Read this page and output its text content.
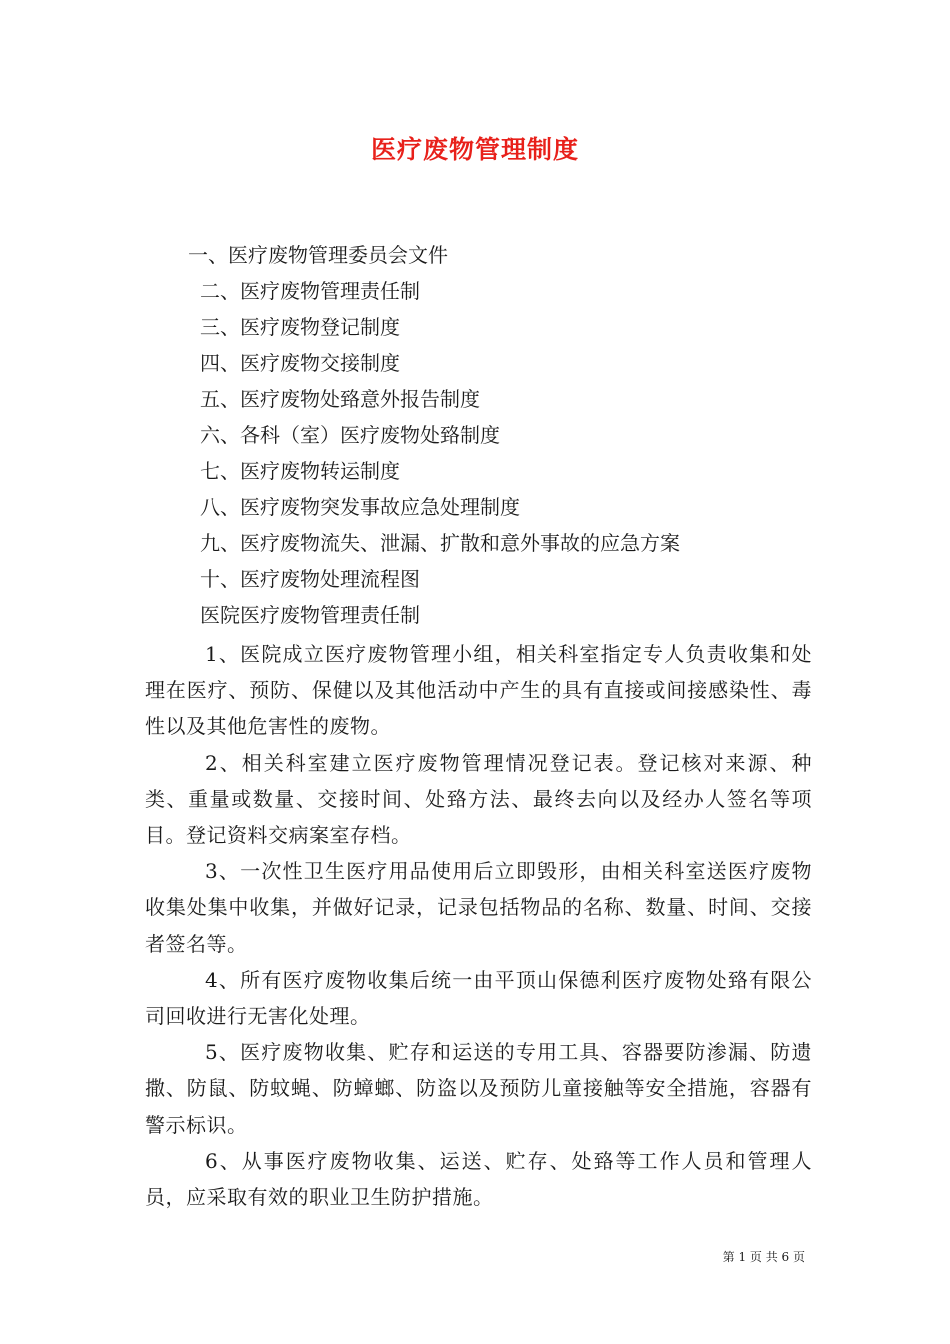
医疗废物管理制度
一、医疗废物管理委员会文件
二、医疗废物管理责任制
三、医疗废物登记制度
四、医疗废物交接制度
五、医疗废物处臵意外报告制度
六、各科（室）医疗废物处臵制度
七、医疗废物转运制度
八、医疗废物突发事故应急处理制度
九、医疗废物流失、泄漏、扩散和意外事故的应急方案
十、医疗废物处理流程图
医院医疗废物管理责任制

1、医院成立医疗废物管理小组，相关科室指定专人负责收集和处理在医疗、预防、保健以及其他活动中产生的具有直接或间接感染性、毒性以及其他危害性的废物。

2、相关科室建立医疗废物管理情况登记表。登记核对来源、种类、重量或数量、交接时间、处臵方法、最终去向以及经办人签名等项目。登记资料交病案室存档。

3、一次性卫生医疗用品使用后立即毁形，由相关科室送医疗废物收集处集中收集，并做好记录，记录包括物品的名称、数量、时间、交接者签名等。

4、所有医疗废物收集后统一由平顶山保德利医疗废物处臵有限公司回收进行无害化处理。

5、医疗废物收集、贮存和运送的专用工具、容器要防渗漏、防遗撒、防鼠、防蚊蝇、防蟑螂、防盗以及预防儿童接触等安全措施，容器有警示标识。

6、从事医疗废物收集、运送、贮存、处臵等工作人员和管理人员，应采取有效的职业卫生防护措施。

第 1 页 共 6 页
